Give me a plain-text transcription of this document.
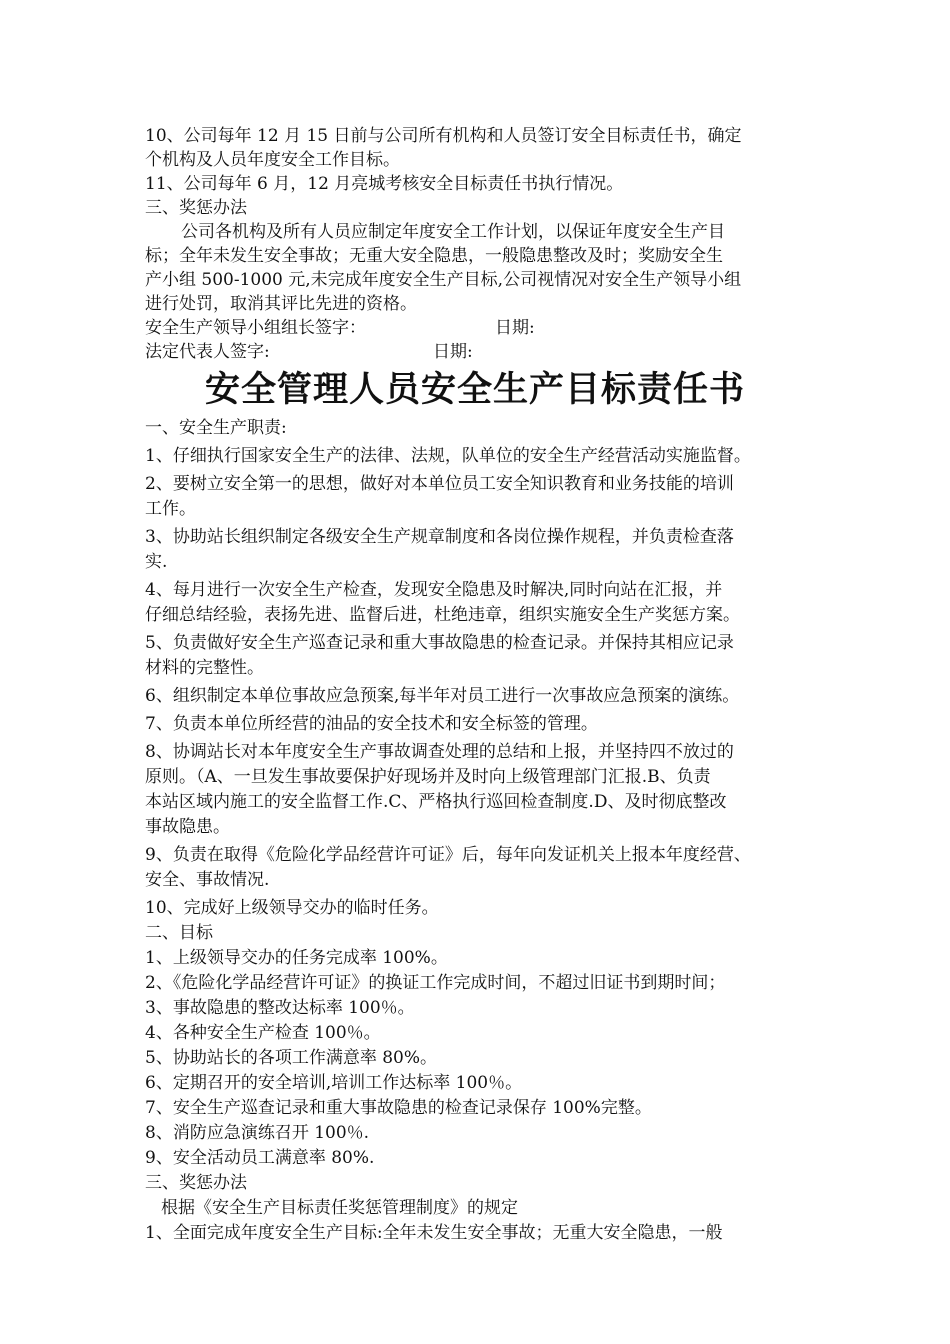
10、公司每年 12 月 15 日前与公司所有机构和人员签订安全目标责任书，确定
个机构及人员年度安全工作目标。
11、公司每年 6 月，12 月亮城考核安全目标责任书执行情况。
三、奖惩办法
公司各机构及所有人员应制定年度安全工作计划，以保证年度安全生产目
标；全年未发生安全事故；无重大安全隐患，一般隐患整改及时；奖励安全生
产小组 500-1000 元,未完成年度安全生产目标,公司视情况对安全生产领导小组
进行处罚，取消其评比先进的资格。
安全生产领导小组组长签字：	日期:
法定代表人签字:	日期:
安全管理人员安全生产目标责任书
一、安全生产职责:
1、仔细执行国家安全生产的法律、法规，队单位的安全生产经营活动实施监督。
2、要树立安全第一的思想，做好对本单位员工安全知识教育和业务技能的培训
工作。
3、协助站长组织制定各级安全生产规章制度和各岗位操作规程，并负责检查落
实.
4、每月进行一次安全生产检查，发现安全隐患及时解决,同时向站在汇报，并
仔细总结经验，表扬先进、监督后进，杜绝违章，组织实施安全生产奖惩方案。
5、负责做好安全生产巡查记录和重大事故隐患的检查记录。并保持其相应记录
材料的完整性。
6、组织制定本单位事故应急预案,每半年对员工进行一次事故应急预案的演练。
7、负责本单位所经营的油品的安全技术和安全标签的管理。
8、协调站长对本年度安全生产事故调查处理的总结和上报，并坚持四不放过的
原则。（A、一旦发生事故要保护好现场并及时向上级管理部门汇报.B、负责
本站区域内施工的安全监督工作.C、严格执行巡回检查制度.D、及时彻底整改
事故隐患。
9、负责在取得《危险化学品经营许可证》后，每年向发证机关上报本年度经营、
安全、事故情况.
10、完成好上级领导交办的临时任务。
二、目标
1、上级领导交办的任务完成率 100%。
2、《危险化学品经营许可证》的换证工作完成时间，不超过旧证书到期时间；
3、事故隐患的整改达标率 100％。
4、各种安全生产检查 100％。
5、协助站长的各项工作满意率 80%。
6、定期召开的安全培训,培训工作达标率 100％。
7、安全生产巡查记录和重大事故隐患的检查记录保存 100%完整。
8、消防应急演练召开 100％.
9、安全活动员工满意率 80%.
三、奖惩办法
根据《安全生产目标责任奖惩管理制度》的规定
1、全面完成年度安全生产目标:全年未发生安全事故；无重大安全隐患，一般
